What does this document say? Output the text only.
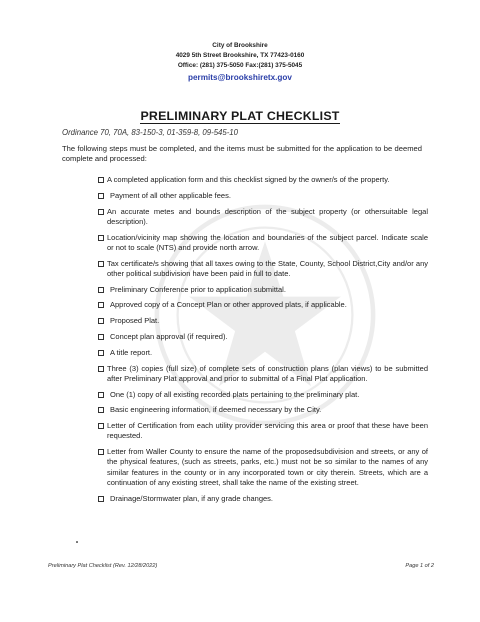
City of Brookshire
4029 5th Street Brookshire, TX 77423-0160
Office: (281) 375-5050 Fax:(281) 375-5045
permits@brookshiretx.gov
PRELIMINARY PLAT CHECKLIST
Ordinance 70, 70A, 83-150-3, 01-359-8, 09-545-10
The following steps must be completed, and the items must be submitted for the application to be deemed complete and processed:
A completed application form and this checklist signed by the owner/s of the property.
Payment of all other applicable fees.
An accurate metes and bounds description of the subject property (or othersuitable legal description).
Location/vicinity map showing the location and boundaries of the subject parcel. Indicate scale or not to scale (NTS) and provide north arrow.
Tax certificate/s showing that all taxes owing to the State, County, School District,City and/or any other political subdivision have been paid in full to date.
Preliminary Conference prior to application submittal.
Approved copy of a Concept Plan or other approved plats, if applicable.
Proposed Plat.
Concept plan approval (if required).
A title report.
Three (3) copies (full size) of complete sets of construction plans (plan views) to be submitted after Preliminary Plat approval and prior to submittal of a Final Plat application.
One (1) copy of all existing recorded plats pertaining to the preliminary plat.
Basic engineering information, if deemed necessary by the City.
Letter of Certification from each utility provider servicing this area or proof that these have been requested.
Letter from Waller County to ensure the name of the proposedsubdivision and streets, or any of the physical features, (such as streets, parks, etc.) must not be so similar to the names of any similar features in the county or in any incorporated town or city therein. Streets, which are a continuation of any existing street, shall take the name of the existing street.
Drainage/Stormwater plan, if any grade changes.
Preliminary Plat Checklist (Rev. 12/28/2022)	Page 1 of 2
